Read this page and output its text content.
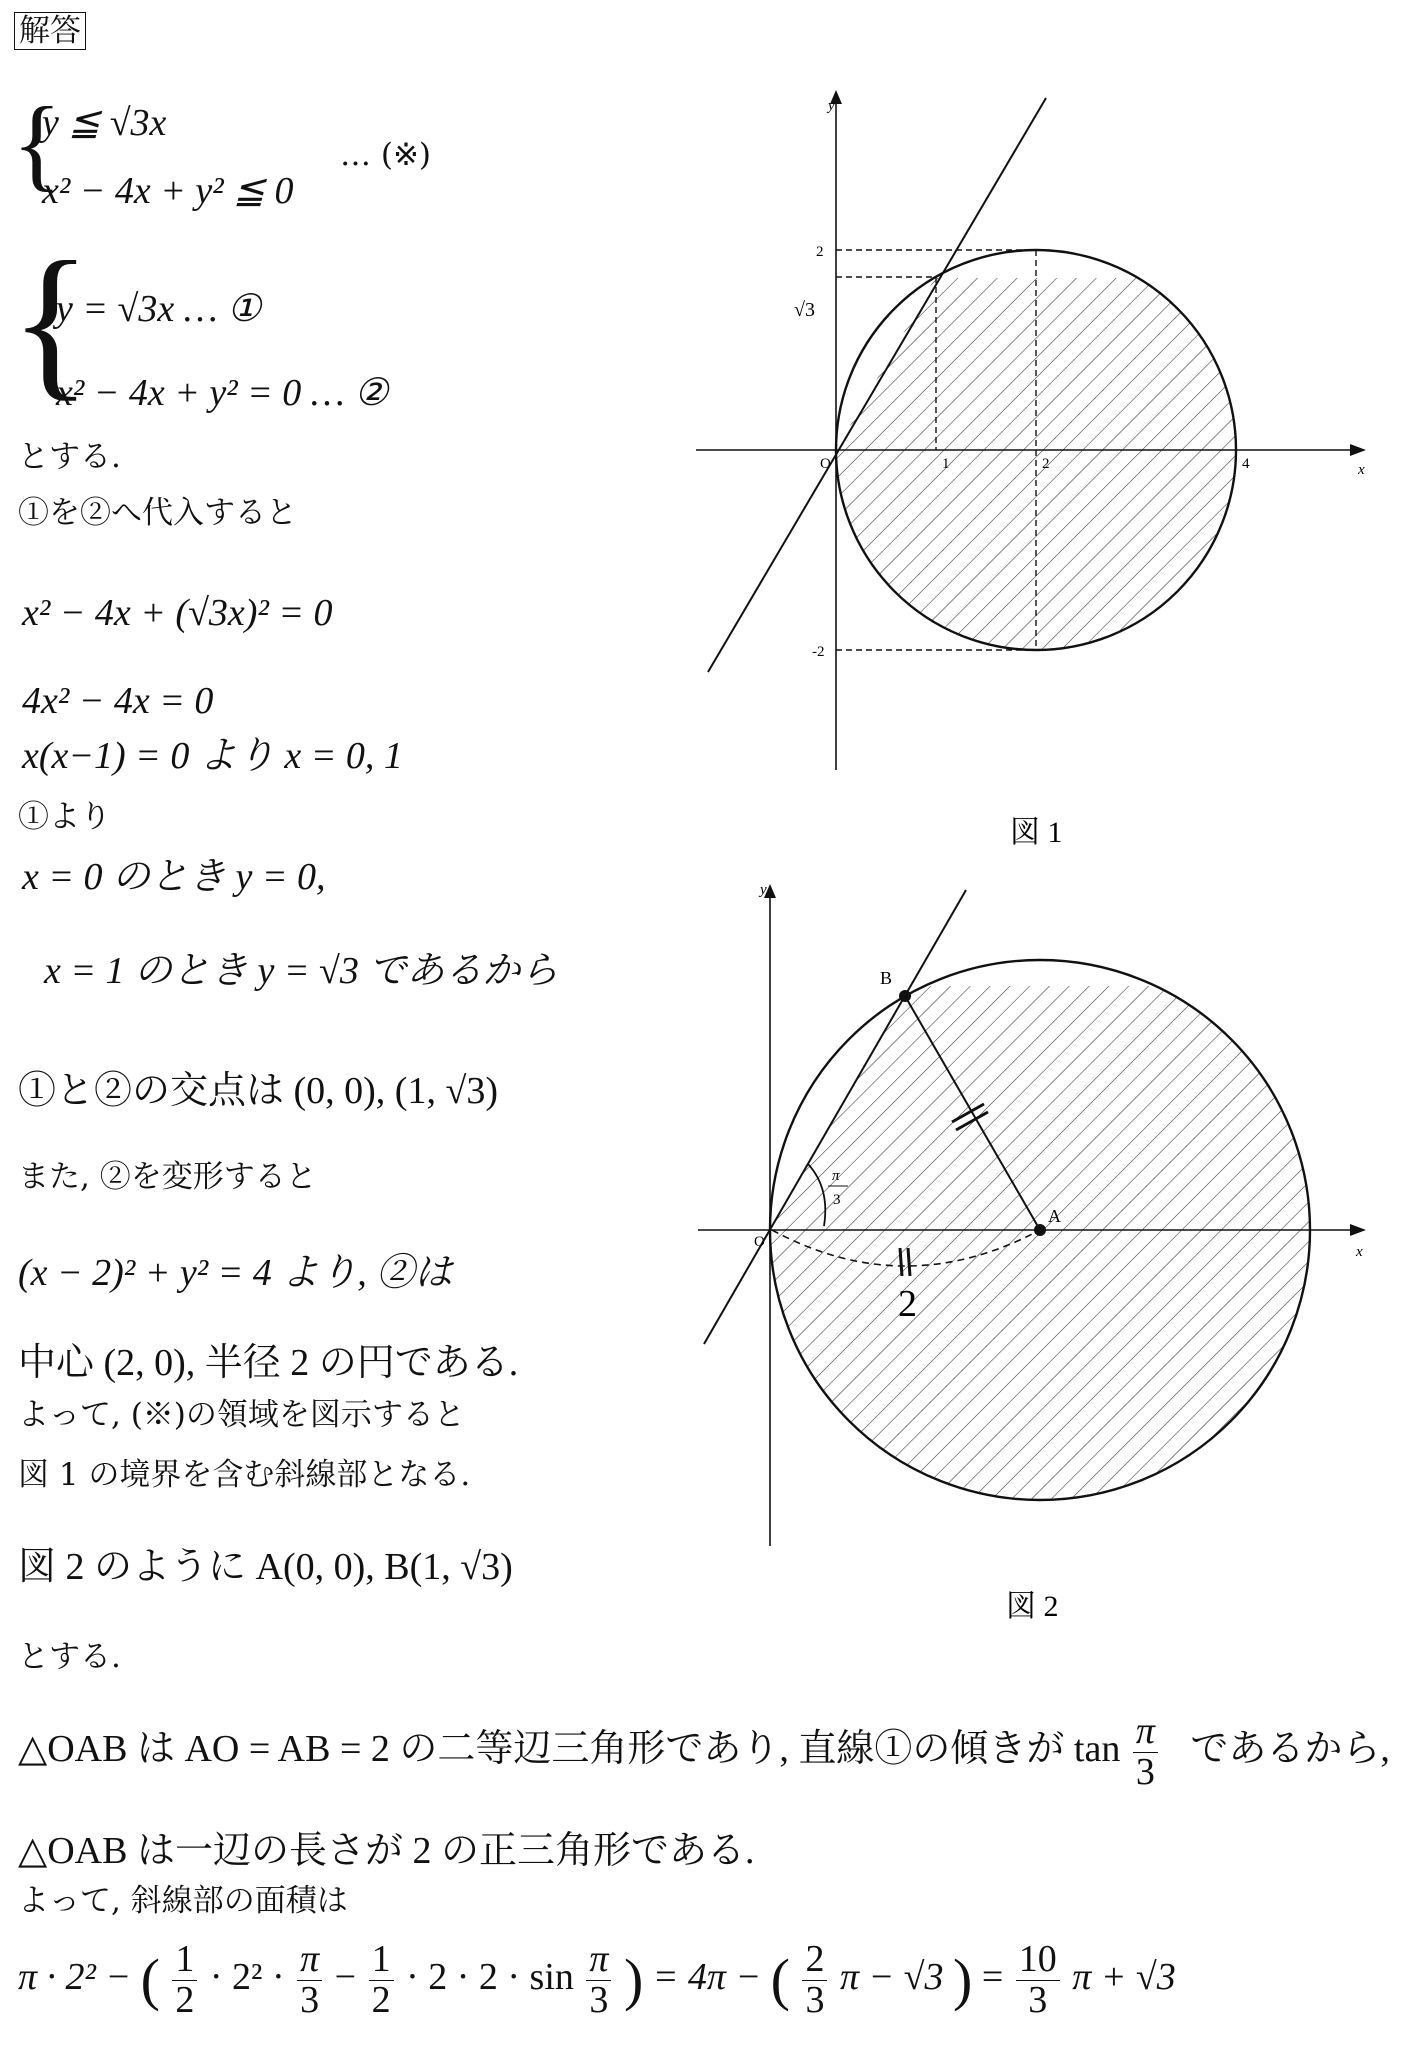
解答
{
y ≦ √3x
x² − 4x + y² ≦ 0
… (※)
{
y = √3x … ①
x² − 4x + y² = 0 … ②
とする.
①を②へ代入すると
x² − 4x + (√3x)² = 0
4x² − 4x = 0
x(x−1) = 0 より x = 0, 1
①より
x = 0 のとき y = 0,
x = 1 のとき y = √3 であるから
①と②の交点は (0, 0), (1, √3)
また, ②を変形すると
(x − 2)² + y² = 4 より, ②は
中心 (2, 0), 半径 2 の円である.
よって, (※)の領域を図示すると
図 1 の境界を含む斜線部となる.
図 2 のように A(0, 0), B(1, √3)
とする.
△OAB は AO = AB = 2 の二等辺三角形であり, 直線①の傾きが $\tan \frac{\pi}{3}$ であるから,
△OAB は一辺の長さが 2 の正三角形である.
よって, 斜線部の面積は
π · 2² − ( $\frac{1}{2} \cdot 2^2 \cdot \frac{\pi}{3} - \frac{1}{2} \cdot 2 \cdot 2 \cdot \sin \frac{\pi}{3}$ ) = 4π − ( $\frac{2}{3}$ π − √3 ) = $\frac{10}{3}$ π + √3
y
x
O	1	2	4
2
√3
-2
図 1
y
x
O
A
B
π
3
2
図 2
